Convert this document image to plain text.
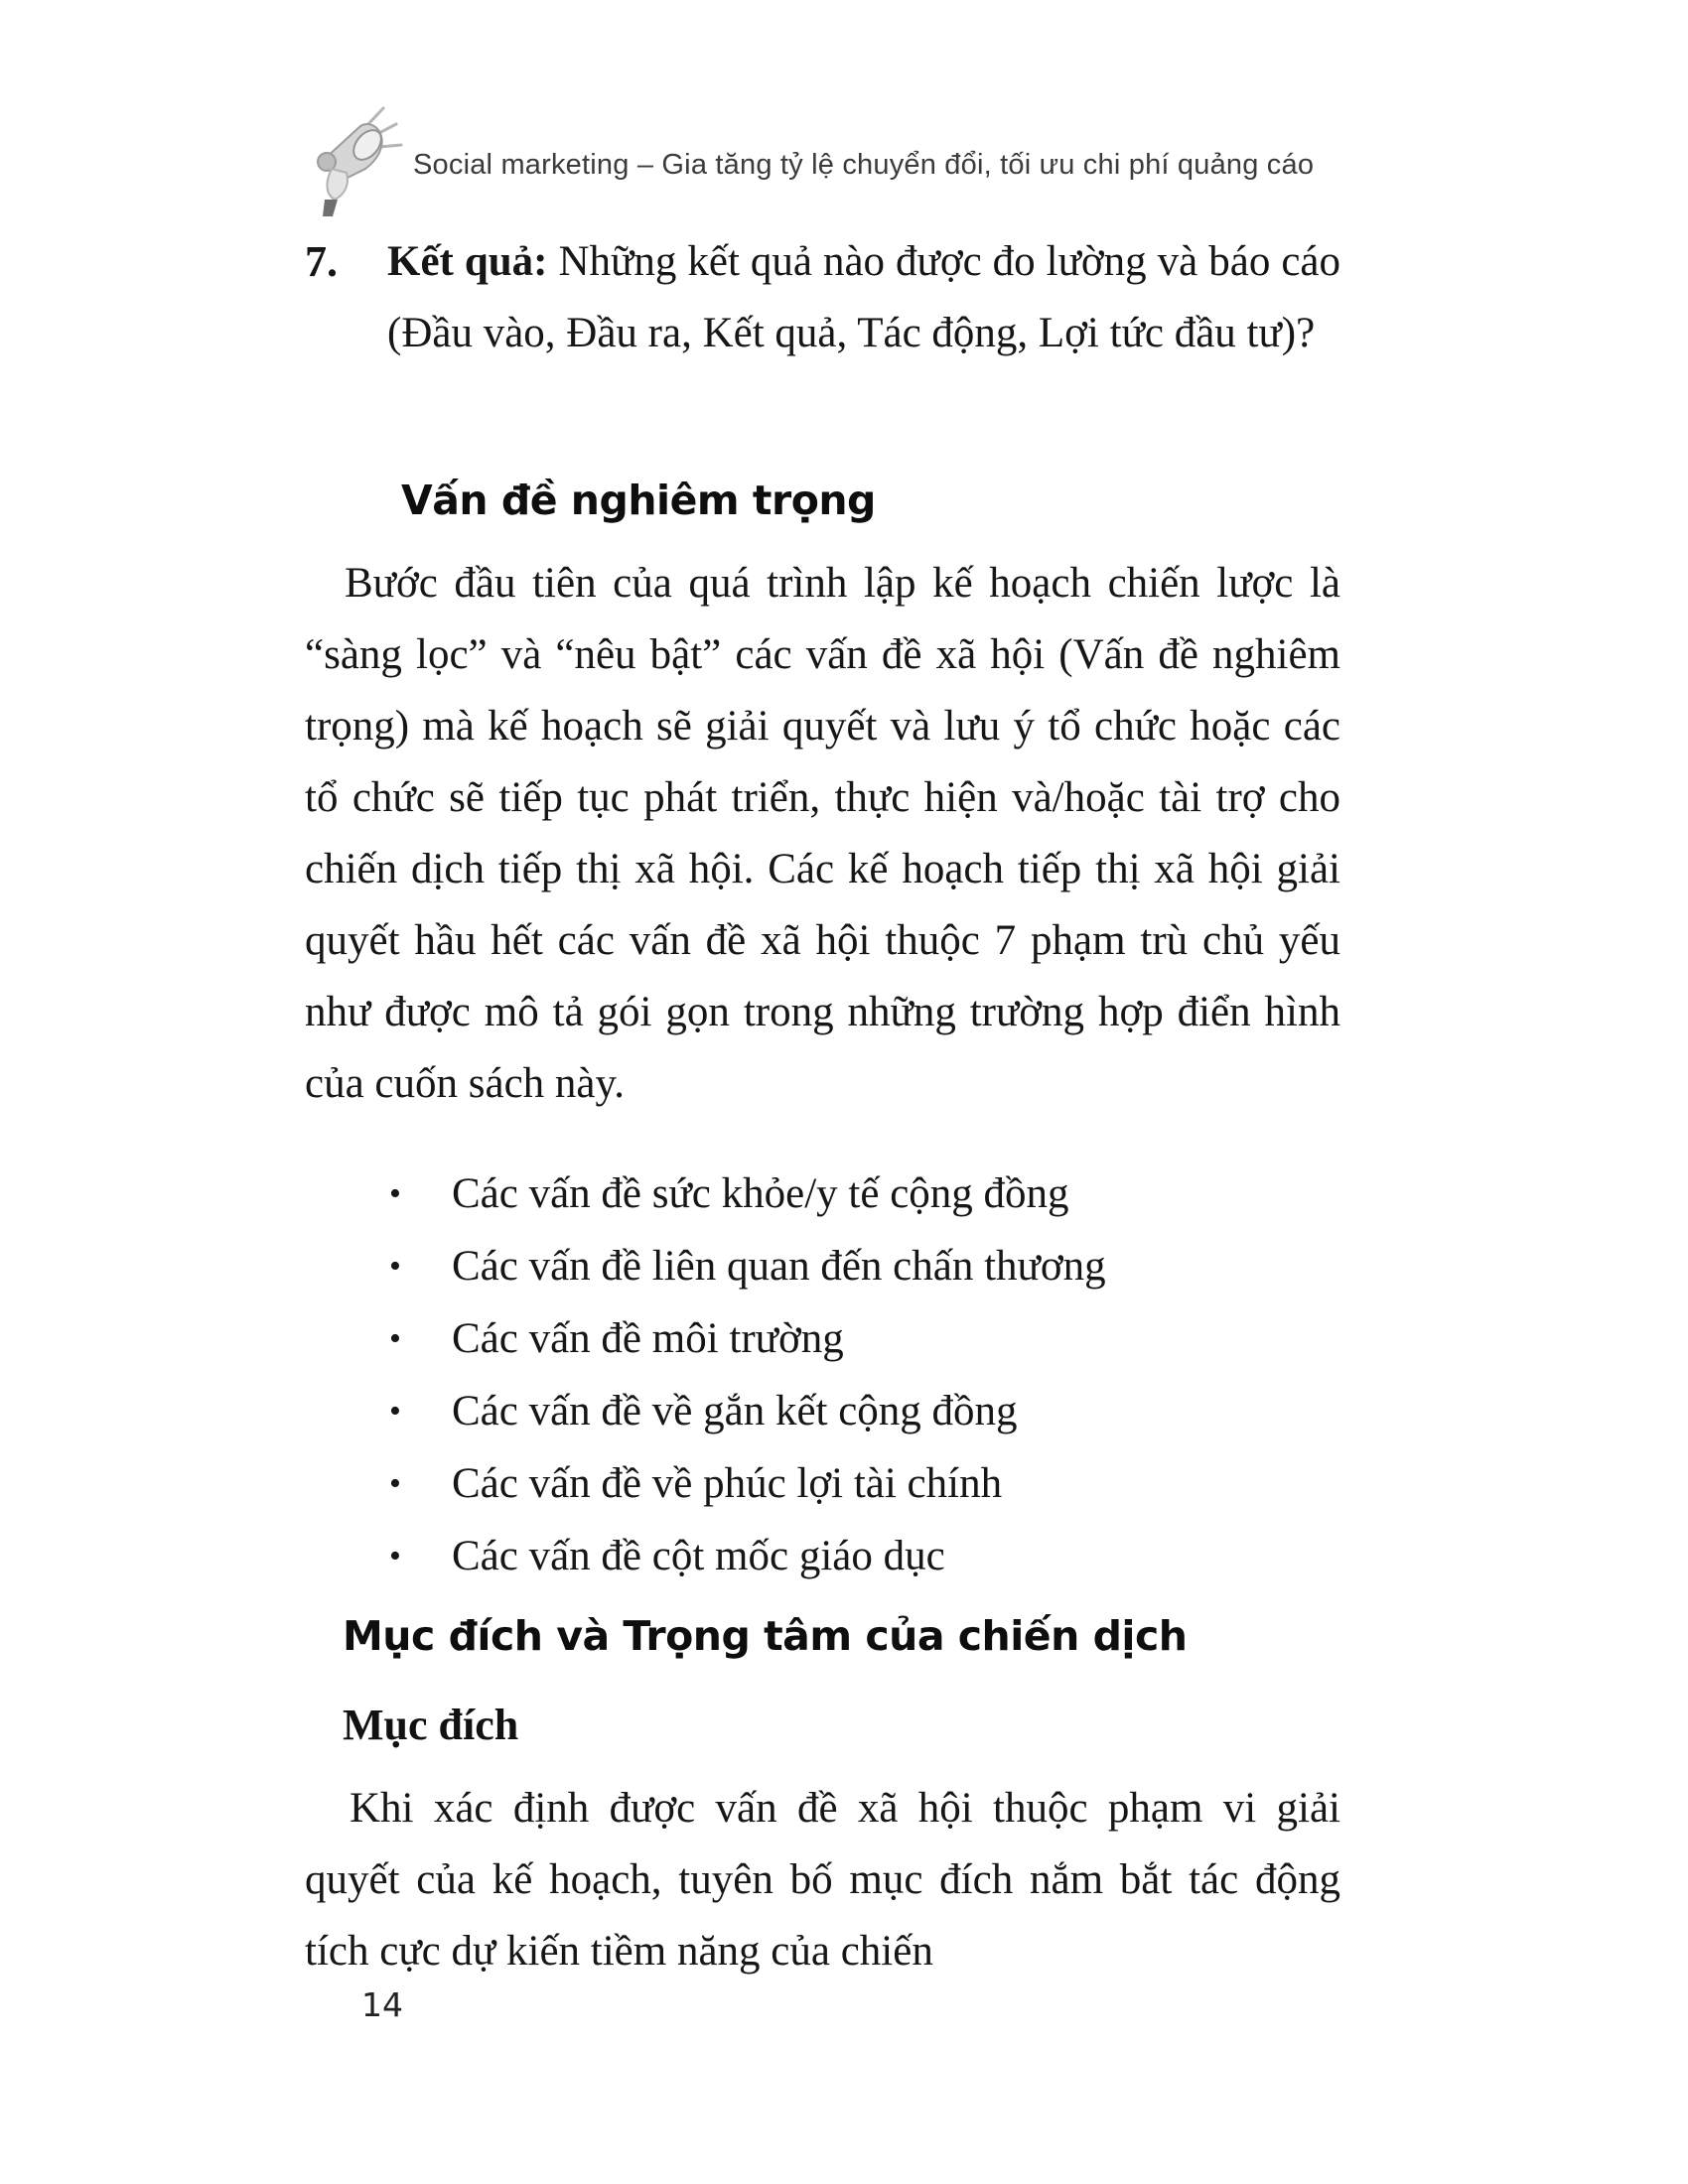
Social marketing – Gia tăng tỷ lệ chuyển đổi, tối ưu chi phí quảng cáo
7.	Kết quả: Những kết quả nào được đo lường và báo cáo (Đầu vào, Đầu ra, Kết quả, Tác động, Lợi tức đầu tư)?
Vấn đề nghiêm trọng

Bước đầu tiên của quá trình lập kế hoạch chiến lược là “sàng lọc” và “nêu bật” các vấn đề xã hội (Vấn đề nghiêm trọng) mà kế hoạch sẽ giải quyết và lưu ý tổ chức hoặc các tổ chức sẽ tiếp tục phát triển, thực hiện và/hoặc tài trợ cho chiến dịch tiếp thị xã hội. Các kế hoạch tiếp thị xã hội giải quyết hầu hết các vấn đề xã hội thuộc 7 phạm trù chủ yếu như được mô tả gói gọn trong những trường hợp điển hình của cuốn sách này.

•	Các vấn đề sức khỏe/y tế cộng đồng
•	Các vấn đề liên quan đến chấn thương
•	Các vấn đề môi trường
•	Các vấn đề về gắn kết cộng đồng
•	Các vấn đề về phúc lợi tài chính
•	Các vấn đề cột mốc giáo dục
Mục đích và Trọng tâm của chiến dịch
Mục đích

Khi xác định được vấn đề xã hội thuộc phạm vi giải quyết của kế hoạch, tuyên bố mục đích nắm bắt tác động tích cực dự kiến tiềm năng của chiến

14
